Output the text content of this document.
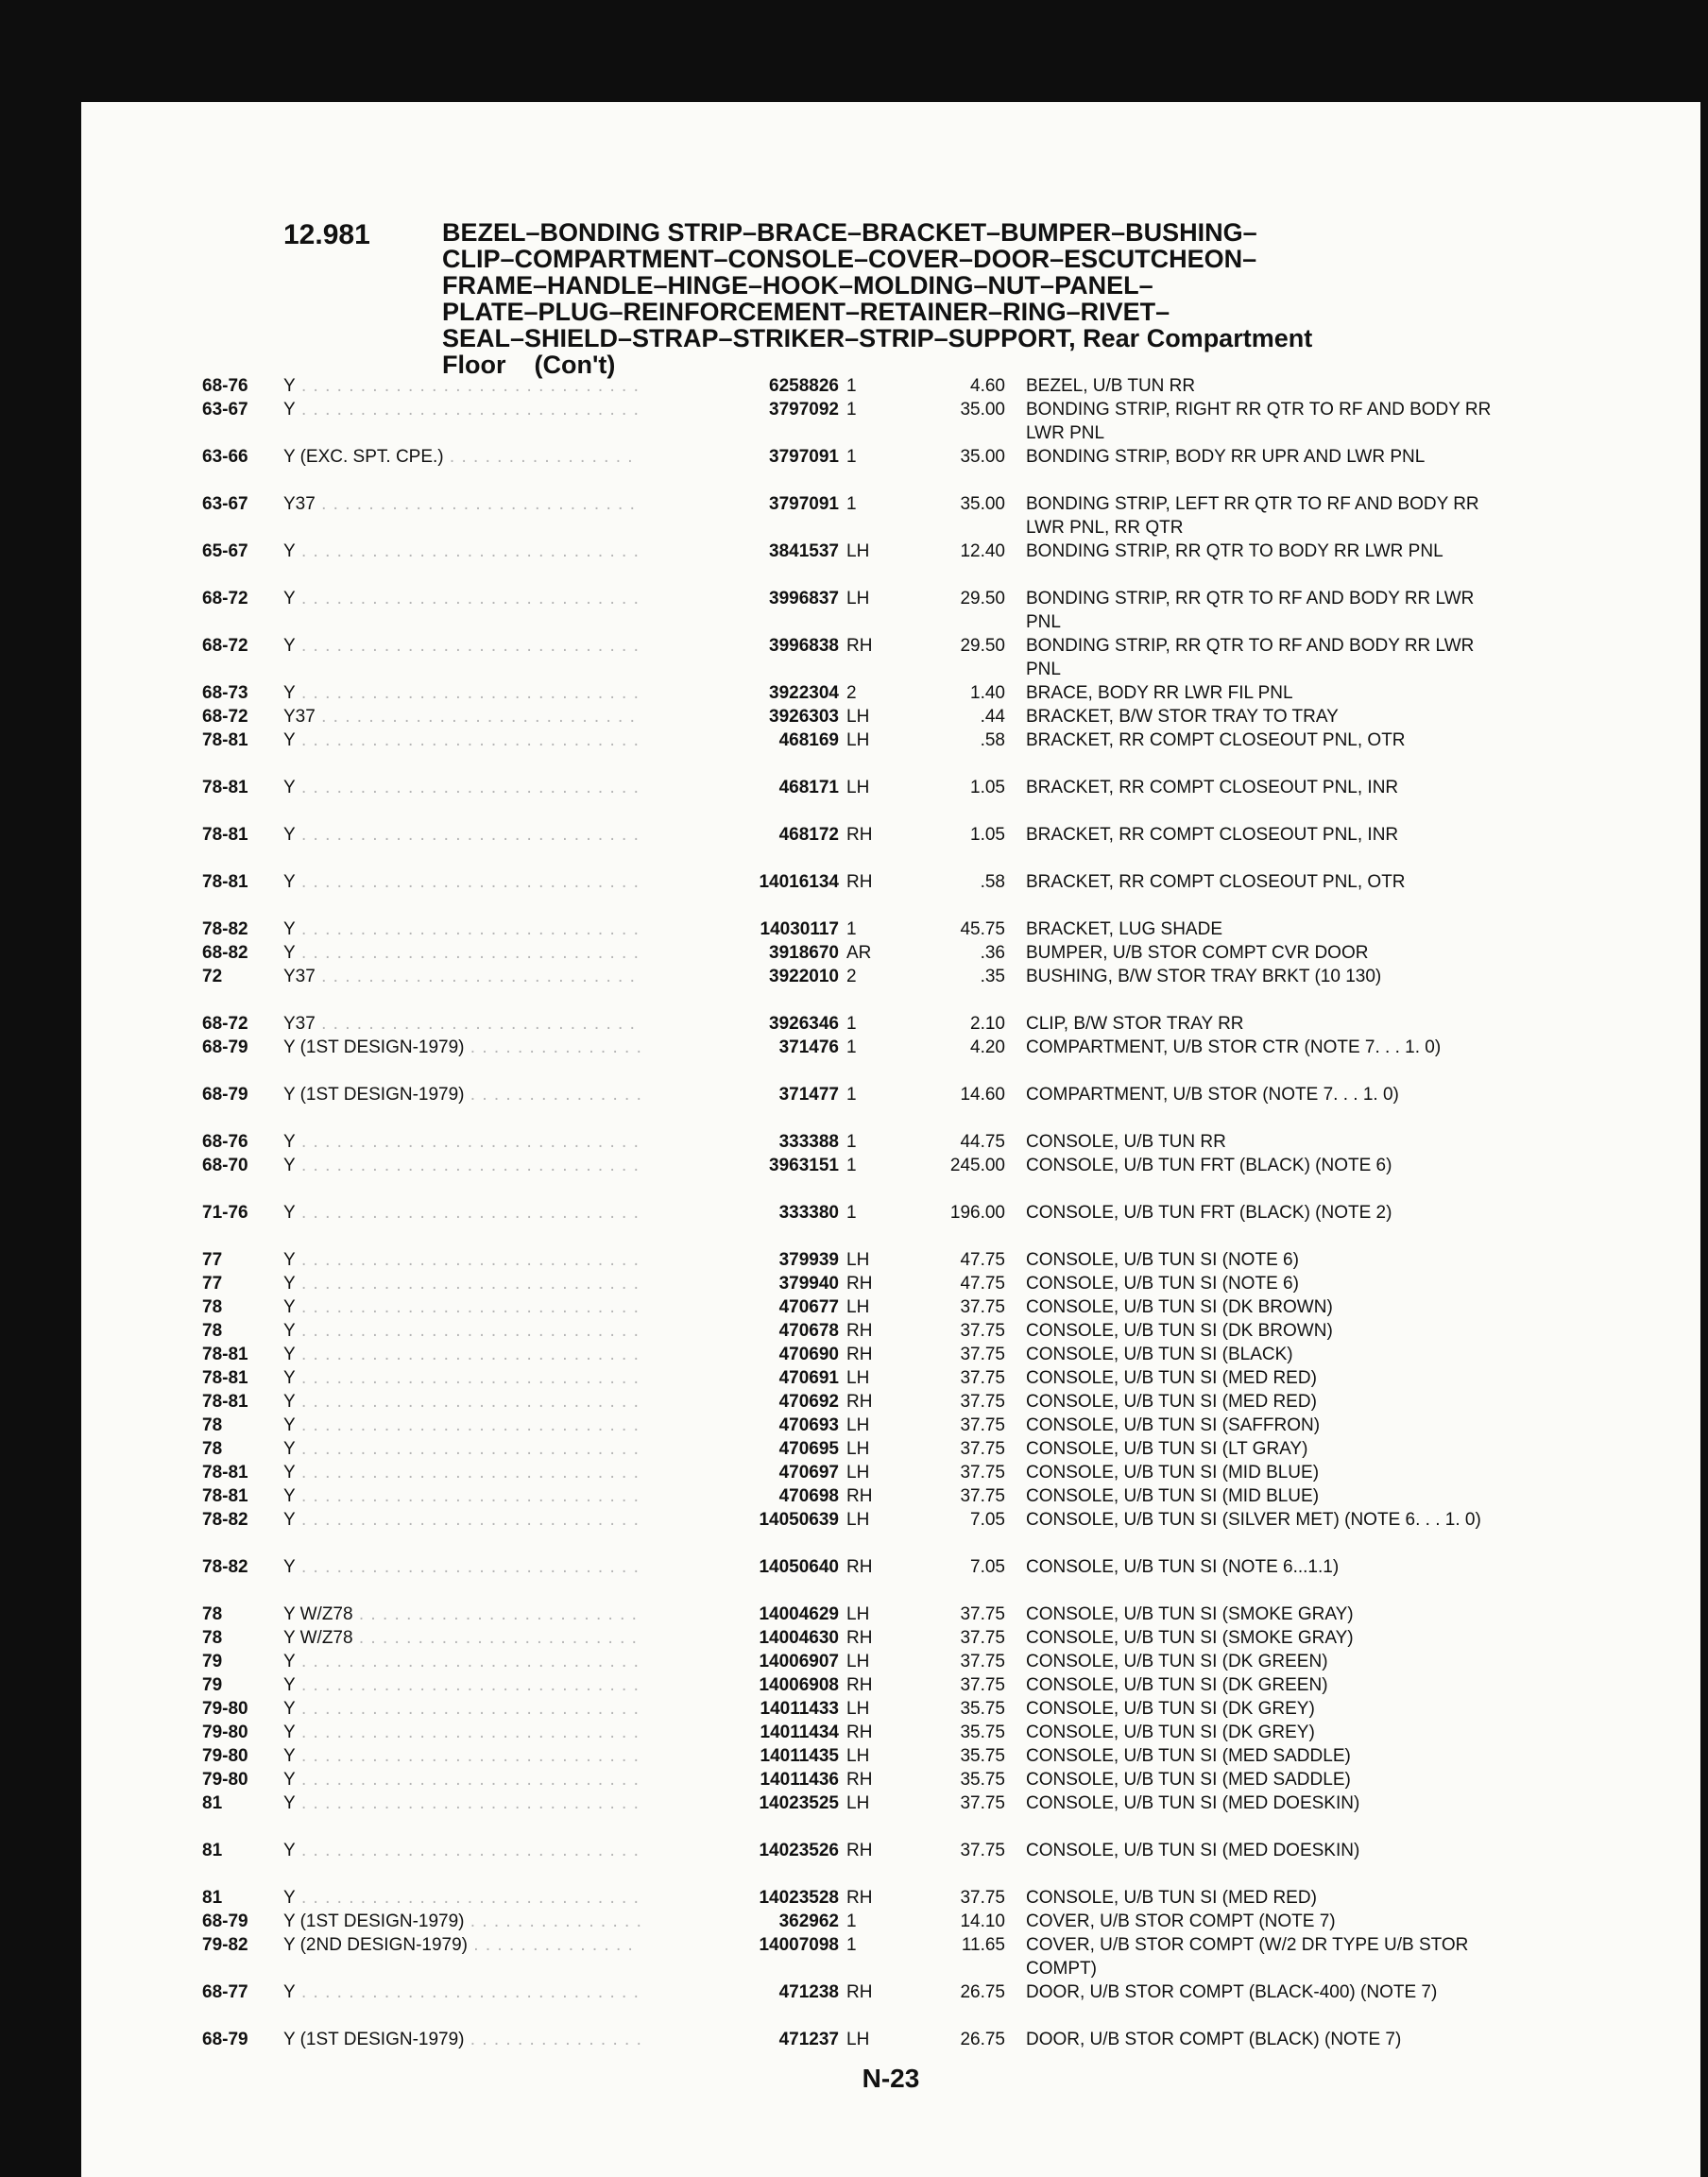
12.981	BEZEL–BONDING STRIP–BRACE–BRACKET–BUMPER–BUSHING–
CLIP–COMPARTMENT–CONSOLE–COVER–DOOR–ESCUTCHEON–
FRAME–HANDLE–HINGE–HOOK–MOLDING–NUT–PANEL–
PLATE–PLUG–REINFORCEMENT–RETAINER–RING–RIVET–
SEAL–SHIELD–STRAP–STRIKER–STRIP–SUPPORT, Rear Compartment
Floor    (Con't)
68-76	Y . . .	6258826 1	4.60 BEZEL, U/B TUN RR
63-67	Y . . .	3797092 1	35.00 BONDING STRIP, RIGHT RR QTR TO RF AND BODY RR LWR PNL
63-66	Y (EXC. SPT. CPE.) . . .	3797091 1	35.00 BONDING STRIP, BODY RR UPR AND LWR PNL
63-67	Y37 . . .	3797091 1	35.00 BONDING STRIP, LEFT RR QTR TO RF AND BODY RR LWR PNL, RR QTR
65-67	Y . . .	3841537 LH	12.40 BONDING STRIP, RR QTR TO BODY RR LWR PNL
68-72	Y . . .	3996837 LH	29.50 BONDING STRIP, RR QTR TO RF AND BODY RR LWR PNL
68-72	Y . . .	3996838 RH	29.50 BONDING STRIP, RR QTR TO RF AND BODY RR LWR PNL
68-73	Y . . .	3922304 2	1.40 BRACE, BODY RR LWR FIL PNL
68-72	Y37 . . .	3926303 LH	.44 BRACKET, B/W STOR TRAY TO TRAY
78-81	Y . . .	468169 LH	.58 BRACKET, RR COMPT CLOSEOUT PNL, OTR
78-81	Y . . .	468171 LH	1.05 BRACKET, RR COMPT CLOSEOUT PNL, INR
78-81	Y . . .	468172 RH	1.05 BRACKET, RR COMPT CLOSEOUT PNL, INR
78-81	Y . . .	14016134 RH	.58 BRACKET, RR COMPT CLOSEOUT PNL, OTR
78-82	Y . . .	14030117 1	45.75 BRACKET, LUG SHADE
68-82	Y . . .	3918670 AR	.36 BUMPER, U/B STOR COMPT CVR DOOR
72	Y37 . . .	3922010 2	.35 BUSHING, B/W STOR TRAY BRKT (10 130)
68-72	Y37 . . .	3926346 1	2.10 CLIP, B/W STOR TRAY RR
68-79	Y (1ST DESIGN-1979) . . .	371476 1	4.20 COMPARTMENT, U/B STOR CTR (NOTE 7. . . 1. 0)
68-79	Y (1ST DESIGN-1979) . . .	371477 1	14.60 COMPARTMENT, U/B STOR (NOTE 7. . . 1. 0)
68-76	Y . . .	333388 1	44.75 CONSOLE, U/B TUN RR
68-70	Y . . .	3963151 1	245.00 CONSOLE, U/B TUN FRT (BLACK) (NOTE 6)
71-76	Y . . .	333380 1	196.00 CONSOLE, U/B TUN FRT (BLACK) (NOTE 2)
77	Y . . .	379939 LH	47.75 CONSOLE, U/B TUN SI (NOTE 6)
77	Y . . .	379940 RH	47.75 CONSOLE, U/B TUN SI (NOTE 6)
78	Y . . .	470677 LH	37.75 CONSOLE, U/B TUN SI (DK BROWN)
78	Y . . .	470678 RH	37.75 CONSOLE, U/B TUN SI (DK BROWN)
78-81	Y . . .	470690 RH	37.75 CONSOLE, U/B TUN SI (BLACK)
78-81	Y . . .	470691 LH	37.75 CONSOLE, U/B TUN SI (MED RED)
78-81	Y . . .	470692 RH	37.75 CONSOLE, U/B TUN SI (MED RED)
78	Y . . .	470693 LH	37.75 CONSOLE, U/B TUN SI (SAFFRON)
78	Y . . .	470695 LH	37.75 CONSOLE, U/B TUN SI (LT GRAY)
78-81	Y . . .	470697 LH	37.75 CONSOLE, U/B TUN SI (MID BLUE)
78-81	Y . . .	470698 RH	37.75 CONSOLE, U/B TUN SI (MID BLUE)
78-82	Y . . .	14050639 LH	7.05 CONSOLE, U/B TUN SI (SILVER MET) (NOTE 6. . . 1. 0)
78-82	Y . . .	14050640 RH	7.05 CONSOLE, U/B TUN SI (NOTE 6...1.1)
78	Y W/Z78 . . .	14004629 LH	37.75 CONSOLE, U/B TUN SI (SMOKE GRAY)
78	Y W/Z78 . . .	14004630 RH	37.75 CONSOLE, U/B TUN SI (SMOKE GRAY)
79	Y . . .	14006907 LH	37.75 CONSOLE, U/B TUN SI (DK GREEN)
79	Y . . .	14006908 RH	37.75 CONSOLE, U/B TUN SI (DK GREEN)
79-80	Y . . .	14011433 LH	35.75 CONSOLE, U/B TUN SI (DK GREY)
79-80	Y . . .	14011434 RH	35.75 CONSOLE, U/B TUN SI (DK GREY)
79-80	Y . . .	14011435 LH	35.75 CONSOLE, U/B TUN SI (MED SADDLE)
79-80	Y . . .	14011436 RH	35.75 CONSOLE, U/B TUN SI (MED SADDLE)
81	Y . . .	14023525 LH	37.75 CONSOLE, U/B TUN SI (MED DOESKIN)
81	Y . . .	14023526 RH	37.75 CONSOLE, U/B TUN SI (MED DOESKIN)
81	Y . . .	14023528 RH	37.75 CONSOLE, U/B TUN SI (MED RED)
68-79	Y (1ST DESIGN-1979) . . .	362962 1	14.10 COVER, U/B STOR COMPT (NOTE 7)
79-82	Y (2ND DESIGN-1979) . . .	14007098 1	11.65 COVER, U/B STOR COMPT (W/2 DR TYPE U/B STOR COMPT)
68-77	Y . . .	471238 RH	26.75 DOOR, U/B STOR COMPT (BLACK-400) (NOTE 7)
68-79	Y (1ST DESIGN-1979) . . .	471237 LH	26.75 DOOR, U/B STOR COMPT (BLACK) (NOTE 7)
N-23
